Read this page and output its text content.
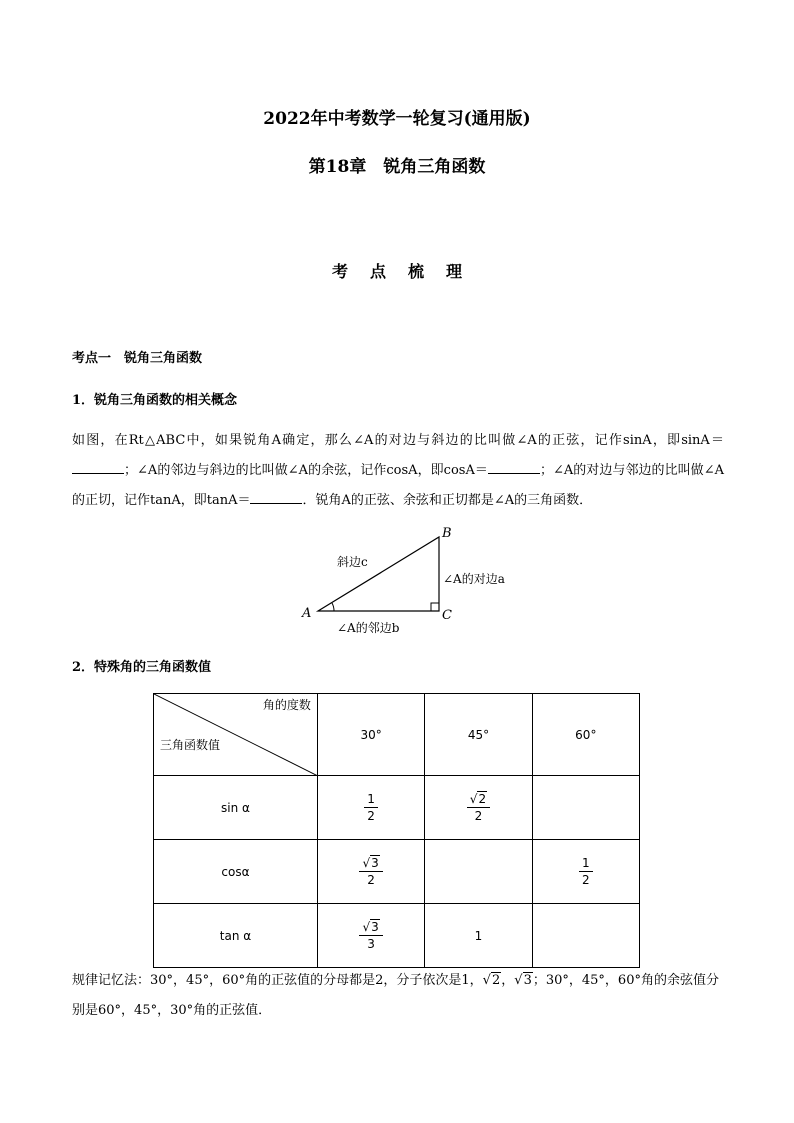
2022年中考数学一轮复习(通用版)
第18章　锐角三角函数
考点梳理
考点一　锐角三角函数
1．锐角三角函数的相关概念
如图，在Rt△ABC中，如果锐角A确定，那么∠A的对边与斜边的比叫做∠A的正弦，记作sinA，即sinA＝；∠A的邻边与斜边的比叫做∠A的余弦，记作cosA，即cosA＝	；∠A的对边与邻边的比叫做∠A的正切，记作tanA，即tanA＝	．锐角A的正弦、余弦和正切都是∠A的三角函数．
A
B
C
斜边c
∠A的对边a
∠A的邻边b
2．特殊角的三角函数值
角的度数
三角函数值	30°	45°	60°
sin α	$\frac{1}{2}$	$\frac{√2}{2}$

cosα	$\frac{√3}{2}$		$\frac{1}{2}$

tan α	$\frac{√3}{3}$	1	
规律记忆法：30°，45°，60°角的正弦值的分母都是2，分子依次是1，√2，√3；30°，45°，60°角的余弦值分别是60°，45°，30°角的正弦值．
